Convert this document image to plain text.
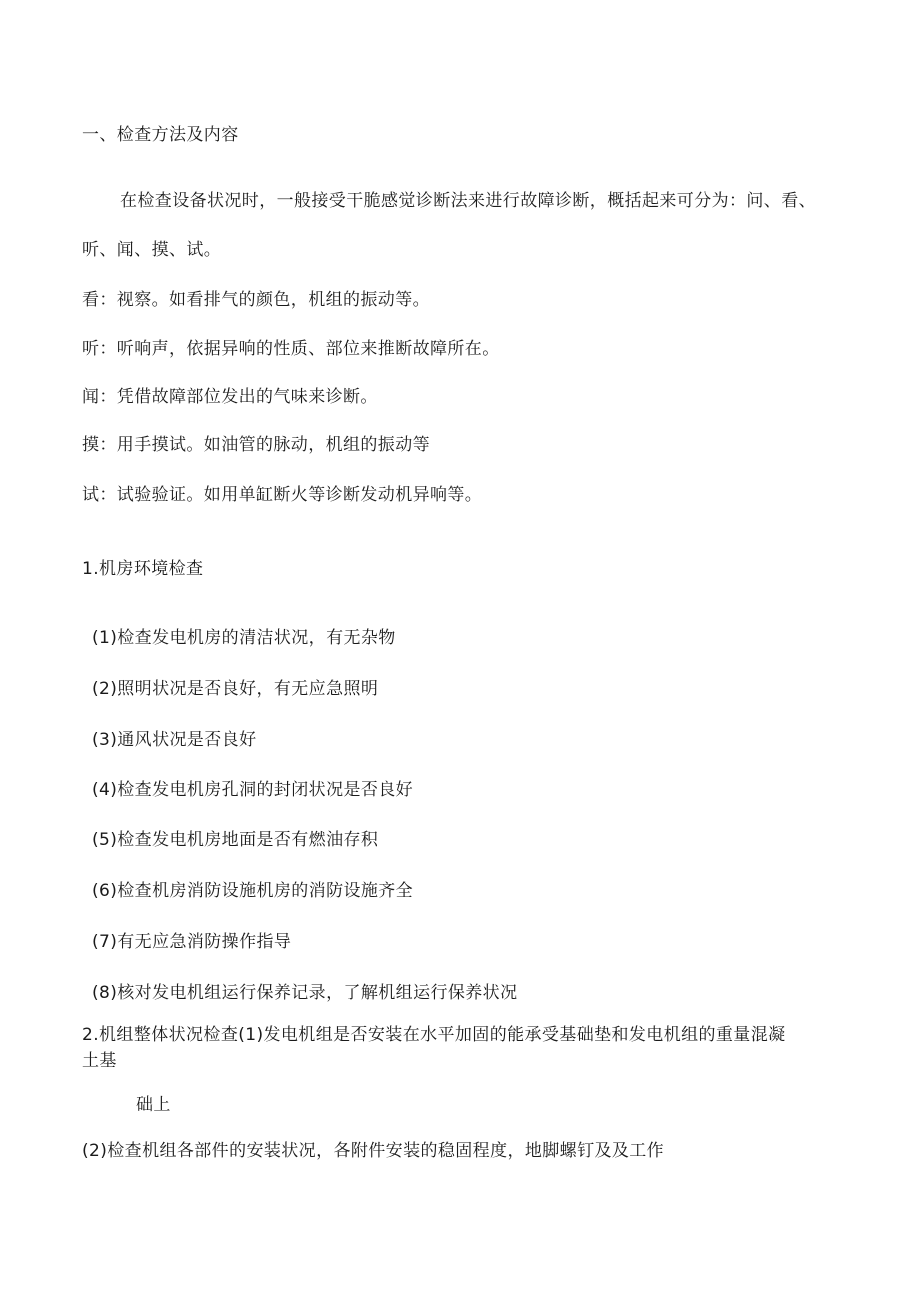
一、检查方法及内容
在检查设备状况时，一般接受干脆感觉诊断法来进行故障诊断，概括起来可分为：问、看、
听、闻、摸、试。
看：视察。如看排气的颜色，机组的振动等。
听：听响声，依据异响的性质、部位来推断故障所在。
闻：凭借故障部位发出的气味来诊断。
摸：用手摸试。如油管的脉动，机组的振动等
试：试验验证。如用单缸断火等诊断发动机异响等。
1.机房环境检查
(1)检查发电机房的清洁状况，有无杂物
(2)照明状况是否良好，有无应急照明
(3)通风状况是否良好
(4)检查发电机房孔洞的封闭状况是否良好
(5)检查发电机房地面是否有燃油存积
(6)检查机房消防设施机房的消防设施齐全
(7)有无应急消防操作指导
(8)核对发电机组运行保养记录，了解机组运行保养状况
2.机组整体状况检查(1)发电机组是否安装在水平加固的能承受基础垫和发电机组的重量混凝
土基
础上
(2)检查机组各部件的安装状况，各附件安装的稳固程度，地脚螺钉及及工作
